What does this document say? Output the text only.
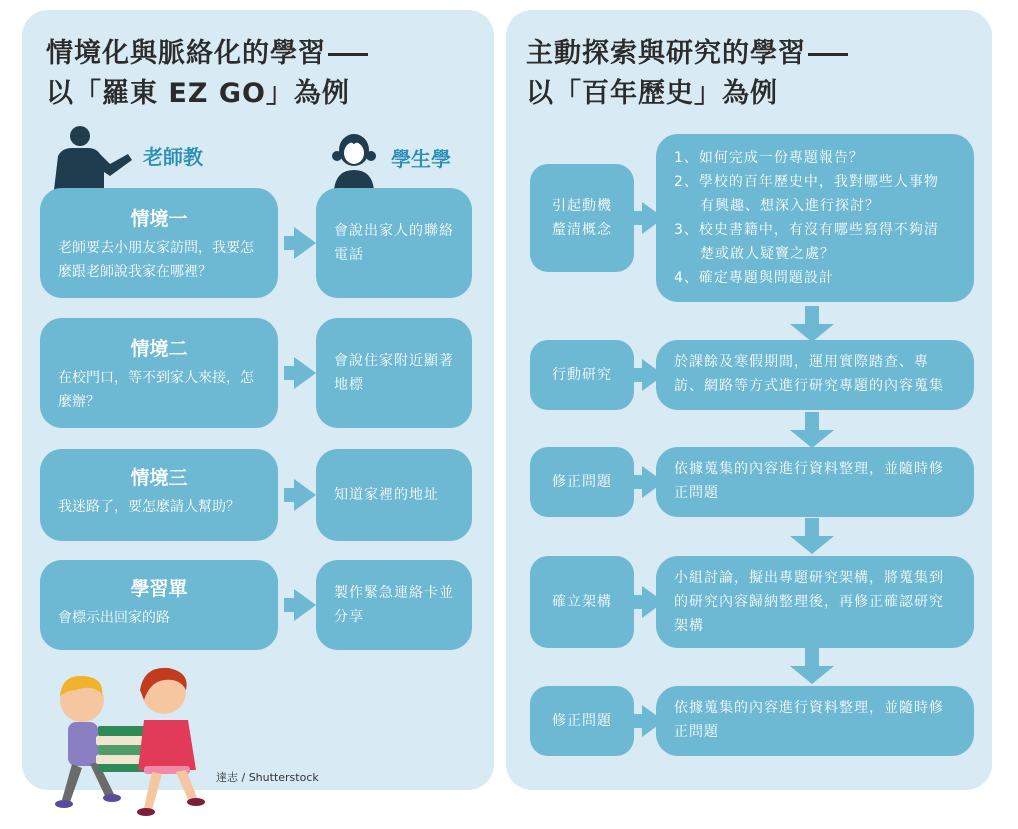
情境化與脈絡化的學習
以「羅東 EZ GO」為例
老師教	學生學
情境一
老師要去小朋友家訪問，我要怎麼跟老師說我家在哪裡？
會說出家人的聯絡電話
情境二
在校門口，等不到家人來接，怎麼辦？
會說住家附近顯著地標
情境三
我迷路了，要怎麼請人幫助？
知道家裡的地址
學習單
會標示出回家的路
製作緊急連絡卡並分享
達志 / Shutterstock
主動探索與研究的學習
以「百年歷史」為例
引起動機
釐清概念
1、如何完成一份專題報告？
2、學校的百年歷史中，我對哪些人事物
有興趣、想深入進行探討？
3、校史書籍中，有沒有哪些寫得不夠清
楚或啟人疑竇之處？
4、確定專題與問題設計
行動研究
於課餘及寒假期間，運用實際踏查、專
訪、網路等方式進行研究專題的內容蒐集
修正問題
依據蒐集的內容進行資料整理，並隨時修
正問題
確立架構
小組討論，擬出專題研究架構，將蒐集到
的研究內容歸納整理後，再修正確認研究
架構
修正問題
依據蒐集的內容進行資料整理，並隨時修
正問題
